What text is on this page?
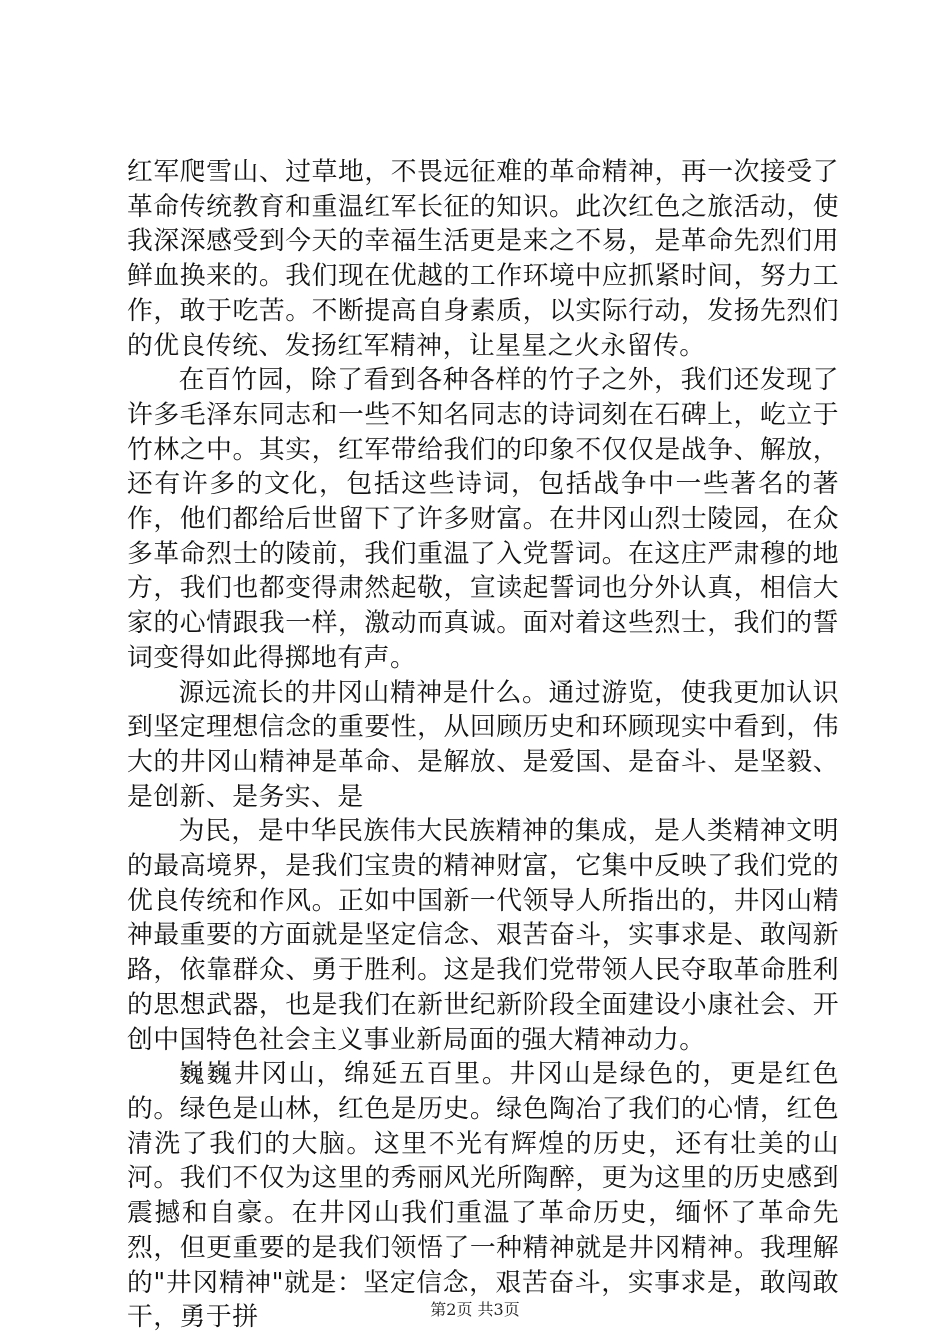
红军爬雪山、过草地，不畏远征难的革命精神，再一次接受了革命传统教育和重温红军长征的知识。此次红色之旅活动，使我深深感受到今天的幸福生活更是来之不易，是革命先烈们用鲜血换来的。我们现在优越的工作环境中应抓紧时间，努力工作，敢于吃苦。不断提高自身素质，以实际行动，发扬先烈们的优良传统、发扬红军精神，让星星之火永留传。

在百竹园，除了看到各种各样的竹子之外，我们还发现了许多毛泽东同志和一些不知名同志的诗词刻在石碑上，屹立于竹林之中。其实，红军带给我们的印象不仅仅是战争、解放，还有许多的文化，包括这些诗词，包括战争中一些著名的著作，他们都给后世留下了许多财富。在井冈山烈士陵园，在众多革命烈士的陵前，我们重温了入党誓词。在这庄严肃穆的地方，我们也都变得肃然起敬，宣读起誓词也分外认真，相信大家的心情跟我一样，激动而真诚。面对着这些烈士，我们的誓词变得如此得掷地有声。

源远流长的井冈山精神是什么。通过游览，使我更加认识到坚定理想信念的重要性，从回顾历史和环顾现实中看到，伟大的井冈山精神是革命、是解放、是爱国、是奋斗、是坚毅、是创新、是务实、是

为民，是中华民族伟大民族精神的集成，是人类精神文明的最高境界，是我们宝贵的精神财富，它集中反映了我们党的优良传统和作风。正如中国新一代领导人所指出的，井冈山精神最重要的方面就是坚定信念、艰苦奋斗，实事求是、敢闯新路，依靠群众、勇于胜利。这是我们党带领人民夺取革命胜利的思想武器，也是我们在新世纪新阶段全面建设小康社会、开创中国特色社会主义事业新局面的强大精神动力。

巍巍井冈山，绵延五百里。井冈山是绿色的，更是红色的。绿色是山林，红色是历史。绿色陶冶了我们的心情，红色清洗了我们的大脑。这里不光有辉煌的历史，还有壮美的山河。我们不仅为这里的秀丽风光所陶醉，更为这里的历史感到震撼和自豪。在井冈山我们重温了革命历史，缅怀了革命先烈，但更重要的是我们领悟了一种精神就是井冈精神。我理解的"井冈精神"就是：坚定信念，艰苦奋斗，实事求是，敢闯敢干，勇于拼	第2页 共3页
